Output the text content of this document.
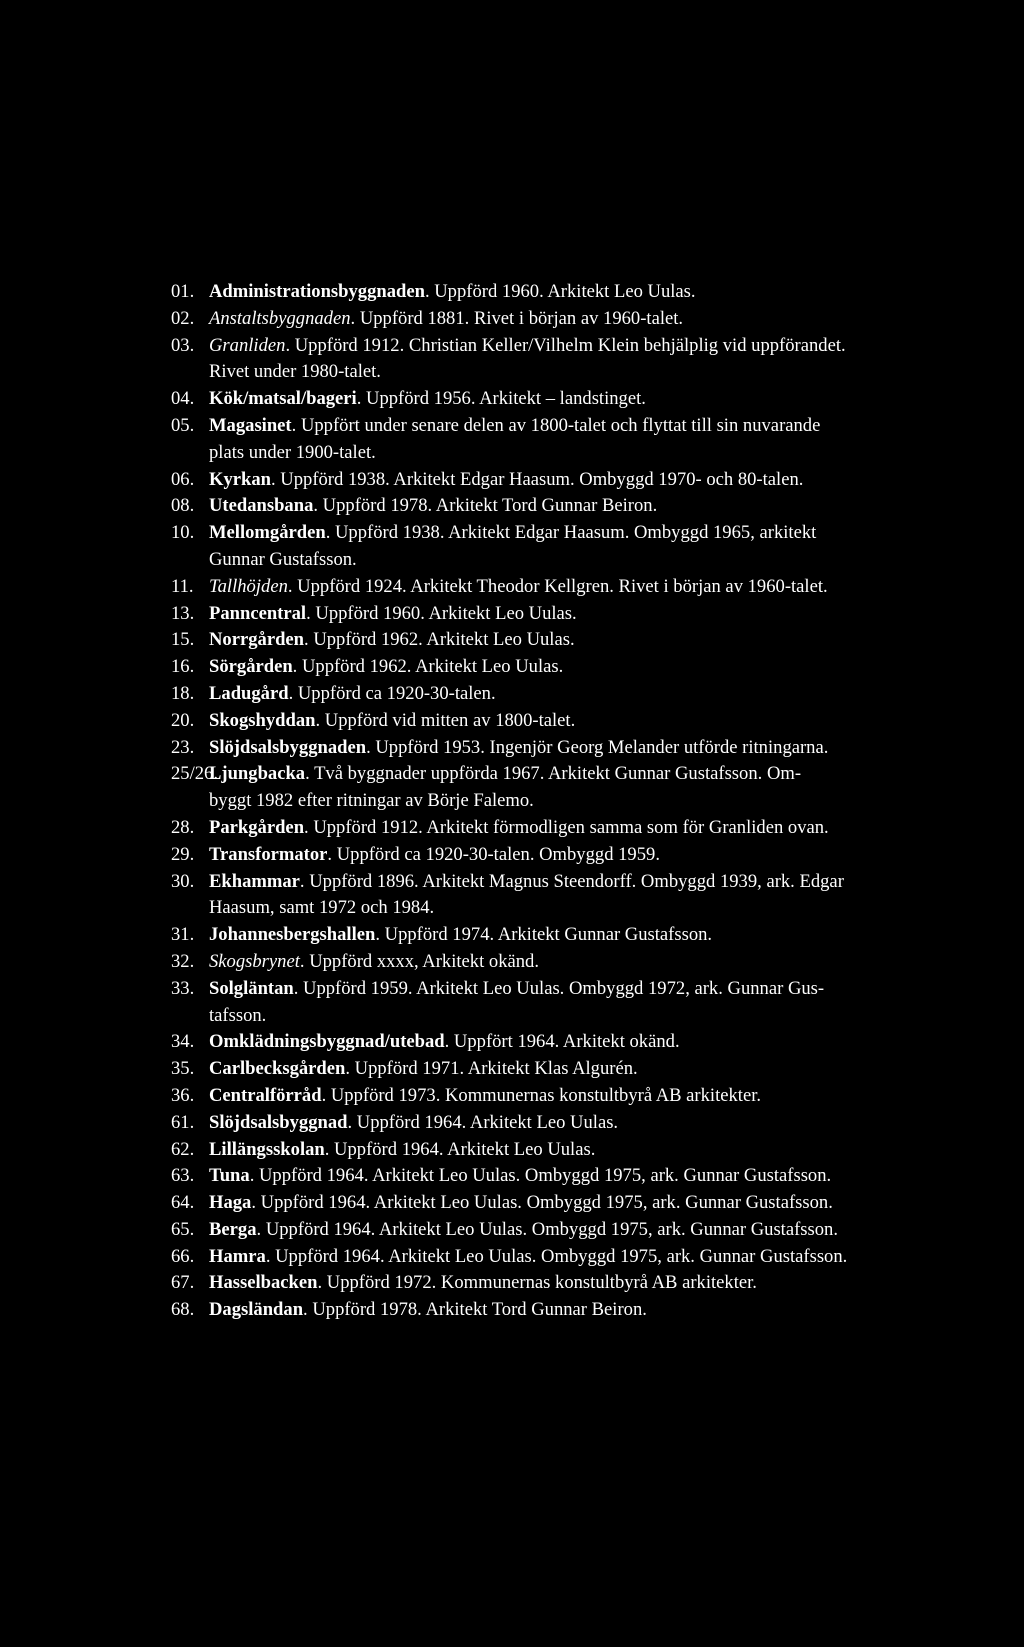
01. Administrationsbyggnaden. Uppförd 1960. Arkitekt Leo Uulas.
02. Anstaltsbyggnaden. Uppförd 1881. Rivet i början av 1960-talet.
03. Granliden. Uppförd 1912. Christian Keller/Vilhelm Klein behjälplig vid uppförandet.
Rivet under 1980-talet.
04. Kök/matsal/bageri. Uppförd 1956. Arkitekt – landstinget.
05. Magasinet. Uppfört under senare delen av 1800-talet och flyttat till sin nuvarande
plats under 1900-talet.
06. Kyrkan. Uppförd 1938. Arkitekt Edgar Haasum. Ombyggd 1970- och 80-talen.
08. Utedansbana. Uppförd 1978. Arkitekt Tord Gunnar Beiron.
10. Mellomgården. Uppförd 1938. Arkitekt Edgar Haasum. Ombyggd 1965, arkitekt
Gunnar Gustafsson.
11. Tallhöjden. Uppförd 1924. Arkitekt Theodor Kellgren. Rivet i början av 1960-talet.
13. Panncentral. Uppförd 1960. Arkitekt Leo Uulas.
15. Norrgården. Uppförd 1962. Arkitekt Leo Uulas.
16. Sörgården. Uppförd 1962. Arkitekt Leo Uulas.
18. Ladugård. Uppförd ca 1920-30-talen.
20. Skogshyddan. Uppförd vid mitten av 1800-talet.
23. Slöjdsalsbyggnaden. Uppförd 1953. Ingenjör Georg Melander utförde ritningarna.
25/26.
Ljungbacka. Två byggnader uppförda 1967. Arkitekt Gunnar Gustafsson. Om-
byggt 1982 efter ritningar av Börje Falemo.
28. Parkgården. Uppförd 1912. Arkitekt förmodligen samma som för Granliden ovan.
29. Transformator. Uppförd ca 1920-30-talen. Ombyggd 1959.
30. Ekhammar. Uppförd 1896. Arkitekt Magnus Steendorff. Ombyggd 1939, ark. Edgar
Haasum, samt 1972 och 1984.
31. Johannesbergshallen. Uppförd 1974. Arkitekt Gunnar Gustafsson.
32. Skogsbrynet. Uppförd xxxx, Arkitekt okänd.
33. Solgläntan. Uppförd 1959. Arkitekt Leo Uulas. Ombyggd 1972, ark. Gunnar Gus-
tafsson.
34. Omklädningsbyggnad/utebad. Uppfört 1964. Arkitekt okänd.
35. Carlbecksgården. Uppförd 1971. Arkitekt Klas Algurén.
36. Centralförråd. Uppförd 1973. Kommunernas konstultbyrå AB arkitekter.
61. Slöjdsalsbyggnad. Uppförd 1964. Arkitekt Leo Uulas.
62. Lillängsskolan. Uppförd 1964. Arkitekt Leo Uulas.
63. Tuna. Uppförd 1964. Arkitekt Leo Uulas. Ombyggd 1975, ark. Gunnar Gustafsson.
64. Haga. Uppförd 1964. Arkitekt Leo Uulas. Ombyggd 1975, ark. Gunnar Gustafsson.
65. Berga. Uppförd 1964. Arkitekt Leo Uulas. Ombyggd 1975, ark. Gunnar Gustafsson.
66. Hamra. Uppförd 1964. Arkitekt Leo Uulas. Ombyggd 1975, ark. Gunnar Gustafsson.
67. Hasselbacken. Uppförd 1972. Kommunernas konstultbyrå AB arkitekter.
68. Dagsländan. Uppförd 1978. Arkitekt Tord Gunnar Beiron.
